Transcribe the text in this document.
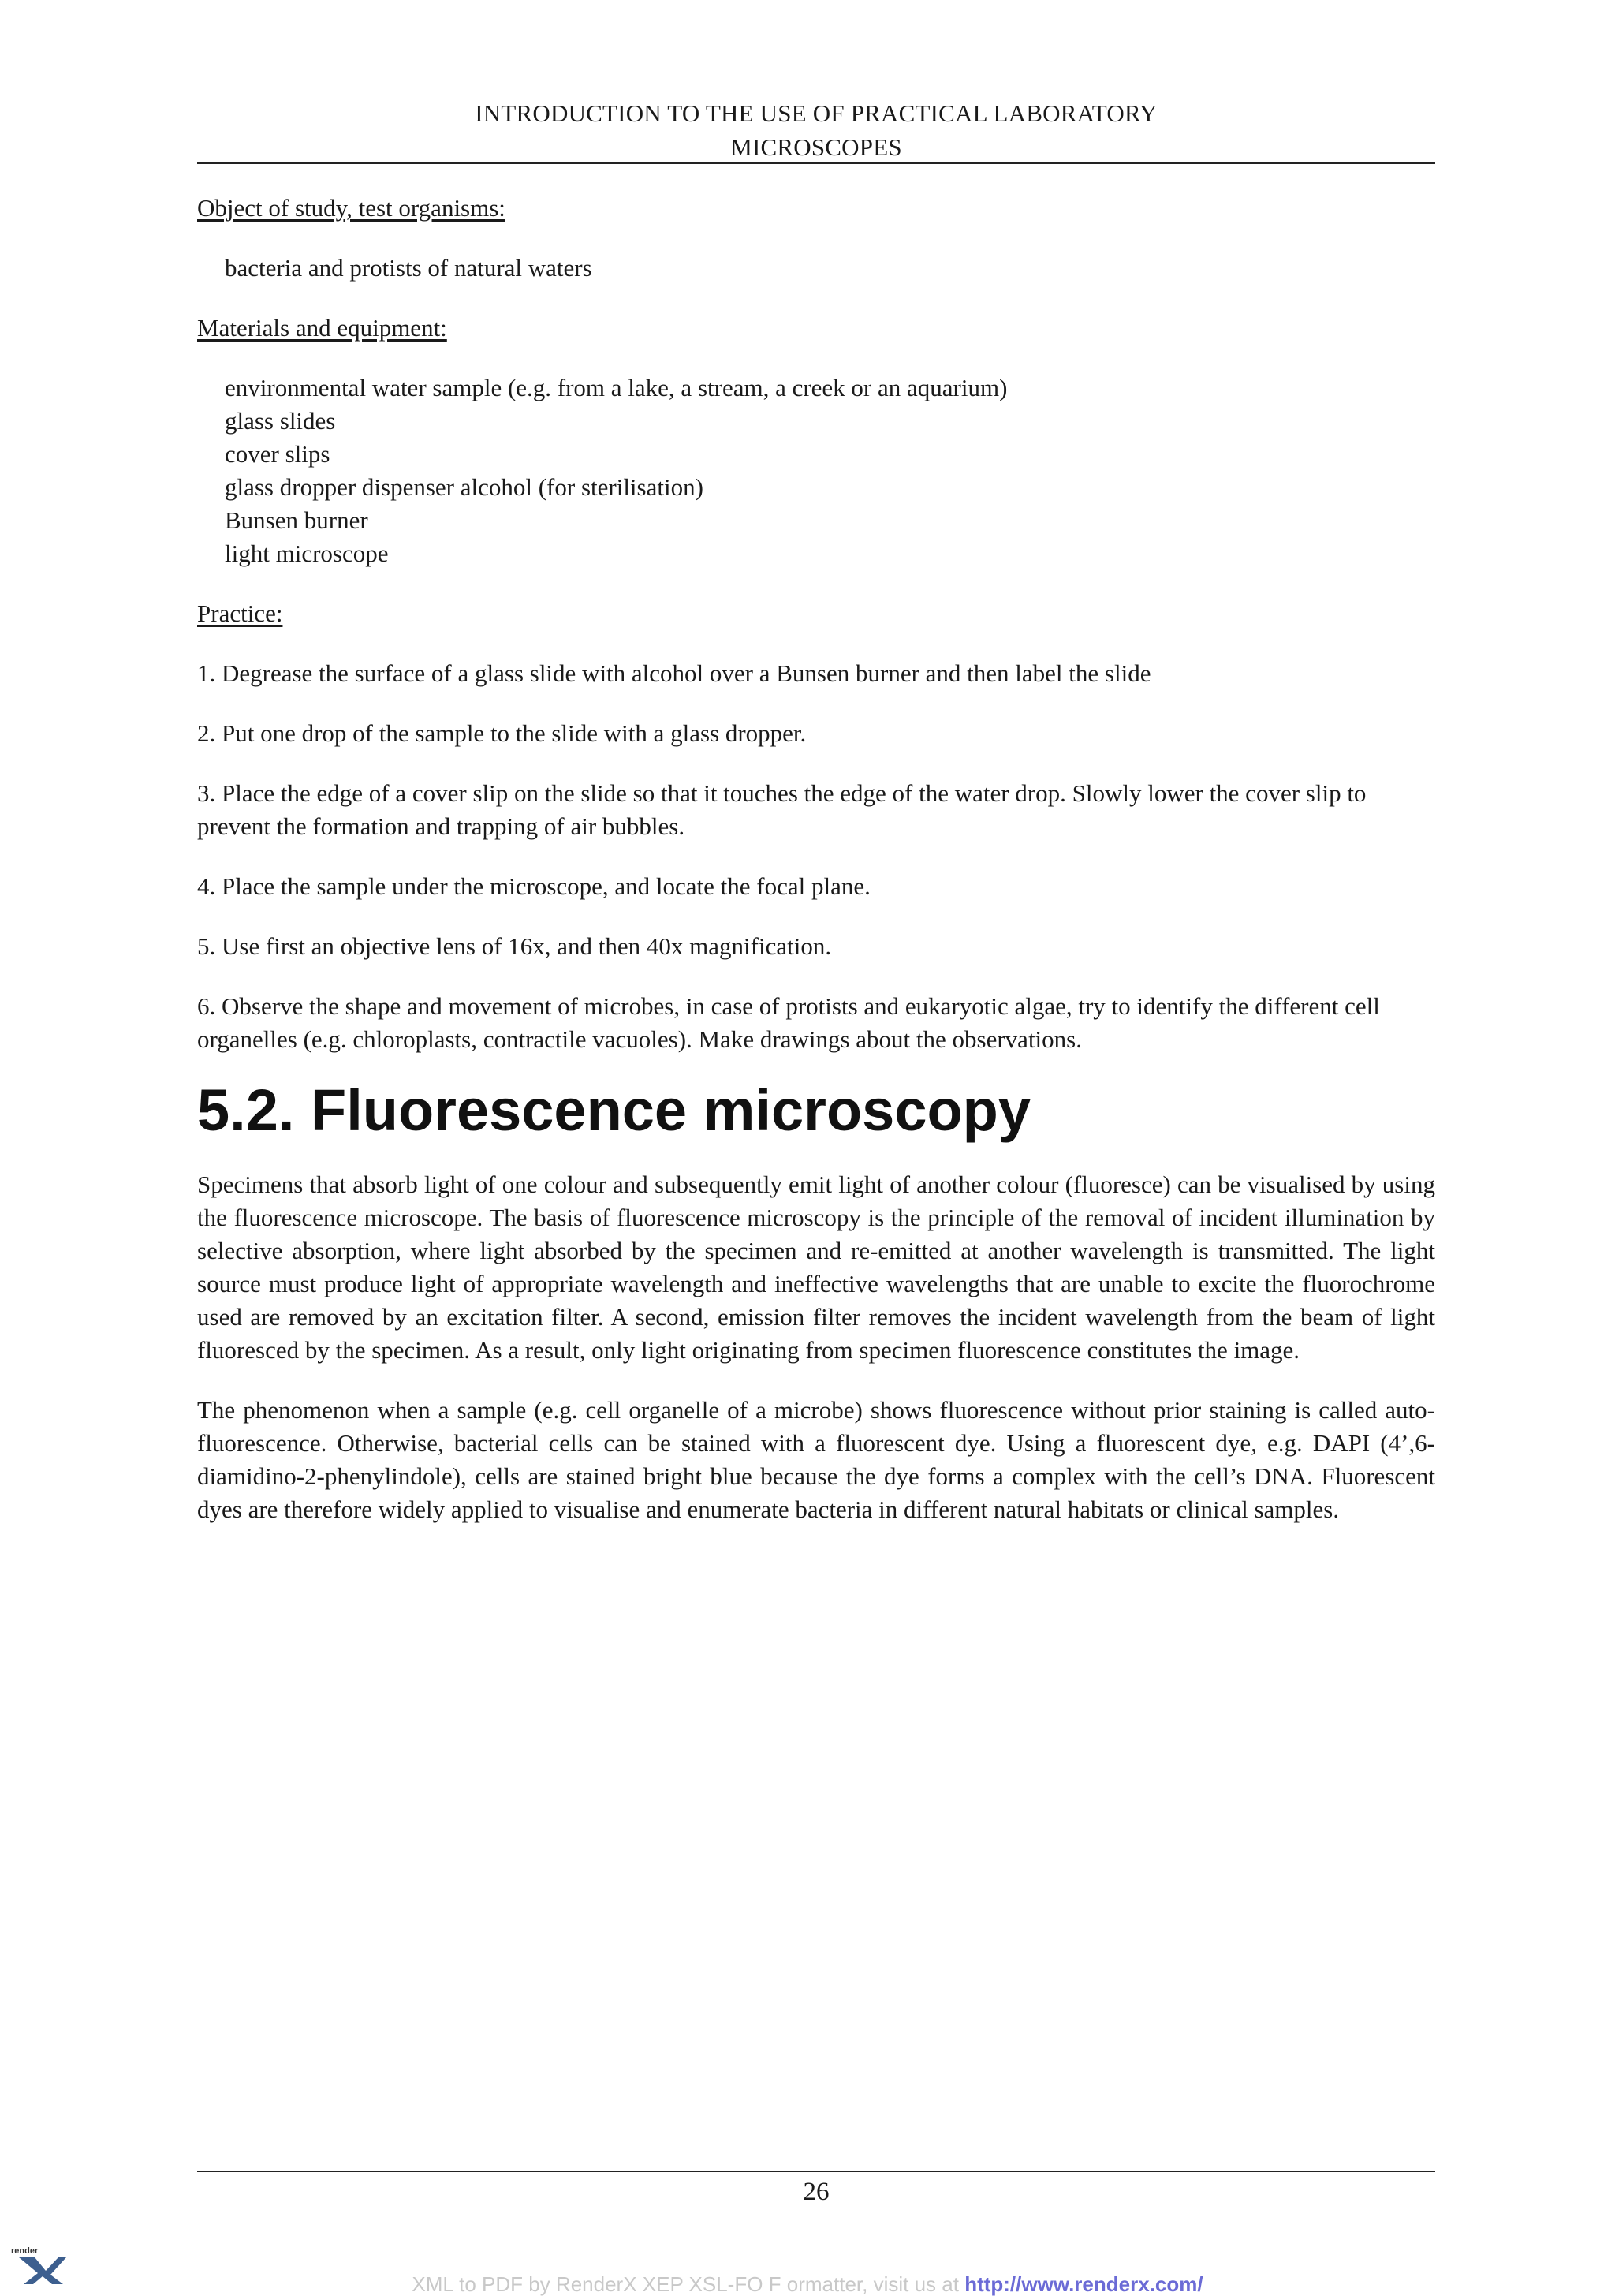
INTRODUCTION TO THE USE OF PRACTICAL LABORATORY
MICROSCOPES

Object of study, test organisms:

bacteria and protists of natural waters

Materials and equipment:

environmental water sample (e.g. from a lake, a stream, a creek or an aquarium)

glass slides

cover slips

glass dropper dispenser alcohol (for sterilisation)

Bunsen burner

light microscope

Practice:

1. Degrease the surface of a glass slide with alcohol over a Bunsen burner and then label the slide

2. Put one drop of the sample to the slide with a glass dropper.

3. Place the edge of a cover slip on the slide so that it touches the edge of the water drop. Slowly lower the cover slip to prevent the formation and trapping of air bubbles.

4. Place the sample under the microscope, and locate the focal plane.

5. Use first an objective lens of 16x, and then 40x magnification.

6. Observe the shape and movement of microbes, in case of protists and eukaryotic algae, try to identify the different cell organelles (e.g. chloroplasts, contractile vacuoles). Make drawings about the observations.

5.2. Fluorescence microscopy

Specimens that absorb light of one colour and subsequently emit light of another colour (fluoresce) can be visualised by using the fluorescence microscope. The basis of fluorescence microscopy is the principle of the removal of incident illumination by selective absorption, where light absorbed by the specimen and re-emitted at another wavelength is transmitted. The light source must produce light of appropriate wavelength and ineffective wavelengths that are unable to excite the fluorochrome used are removed by an excitation filter. A second, emission filter removes the incident wavelength from the beam of light fluoresced by the specimen. As a result, only light originating from specimen fluorescence constitutes the image.

The phenomenon when a sample (e.g. cell organelle of a microbe) shows fluorescence without prior staining is called auto-fluorescence. Otherwise, bacterial cells can be stained with a fluorescent dye. Using a fluorescent dye, e.g. DAPI (4’,6-diamidino-2-phenylindole), cells are stained bright blue because the dye forms a complex with the cell’s DNA. Fluorescent dyes are therefore widely applied to visualise and enumerate bacteria in different natural habitats or clinical samples.

26
render
XML to PDF by RenderX XEP XSL-FO F ormatter, visit us at http://www.renderx.com/
